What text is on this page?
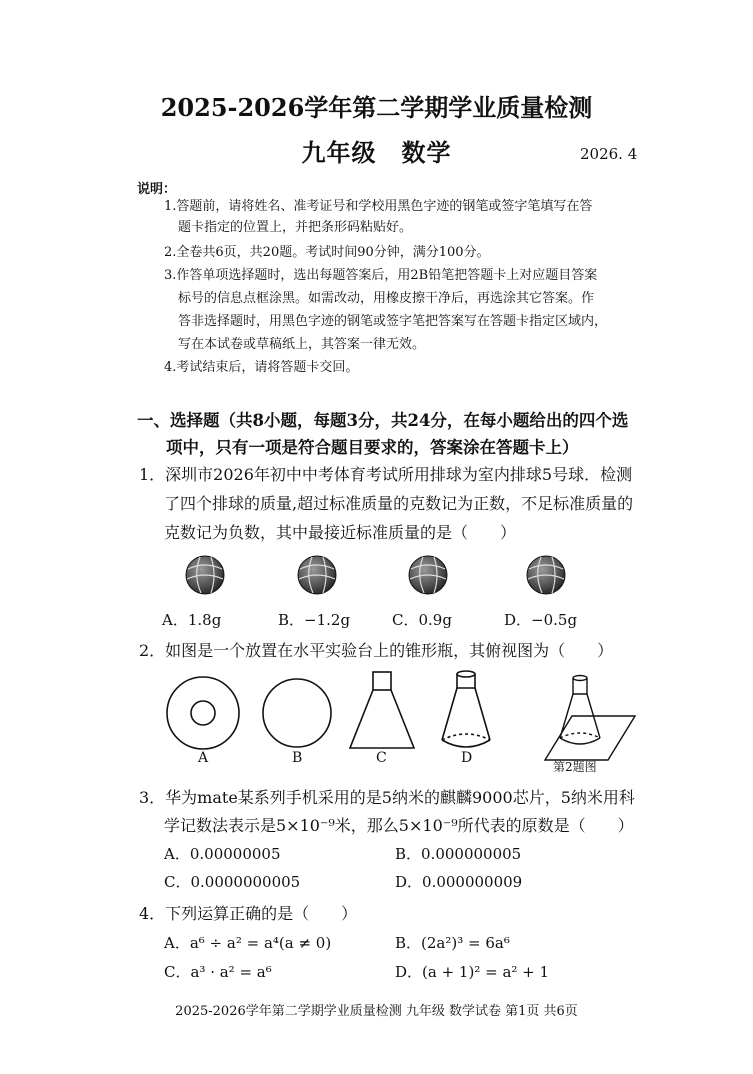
2025-2026学年第二学期学业质量检测
九年级　数学	2026. 4
说明：
1.答题前，请将姓名、准考证号和学校用黑色字迹的钢笔或签字笔填写在答
题卡指定的位置上，并把条形码粘贴好。
2.全卷共6页，共20题。考试时间90分钟，满分100分。
3.作答单项选择题时，选出每题答案后，用2B铅笔把答题卡上对应题目答案
标号的信息点框涂黑。如需改动，用橡皮擦干净后，再选涂其它答案。作
答非选择题时，用黑色字迹的钢笔或签字笔把答案写在答题卡指定区域内，
写在本试卷或草稿纸上，其答案一律无效。
4.考试结束后，请将答题卡交回。
一、选择题（共8小题，每题3分，共24分，在每小题给出的四个选
项中，只有一项是符合题目要求的，答案涂在答题卡上）
1．深圳市2026年初中中考体育考试所用排球为室内排球5号球．检测
了四个排球的质量,超过标准质量的克数记为正数，不足标准质量的
克数记为负数，其中最接近标准质量的是（　　）
A．1.8g	B．−1.2g	C．0.9g	D．−0.5g
2．如图是一个放置在水平实验台上的锥形瓶，其俯视图为（　　）
A	B	C	D
第2题图
3．华为mate某系列手机采用的是5纳米的麒麟9000芯片，5纳米用科
学记数法表示是5×10⁻⁹米，那么5×10⁻⁹所代表的原数是（　　）
A．0.00000005	B．0.000000005
C．0.0000000005	D．0.000000009
4．下列运算正确的是（　　）
A．a⁶ ÷ a² = a⁴(a ≠ 0)	B．(2a²)³ = 6a⁶
C．a³ · a² = a⁶	D．(a + 1)² = a² + 1
2025-2026学年第二学期学业质量检测 九年级 数学试卷 第1页 共6页
